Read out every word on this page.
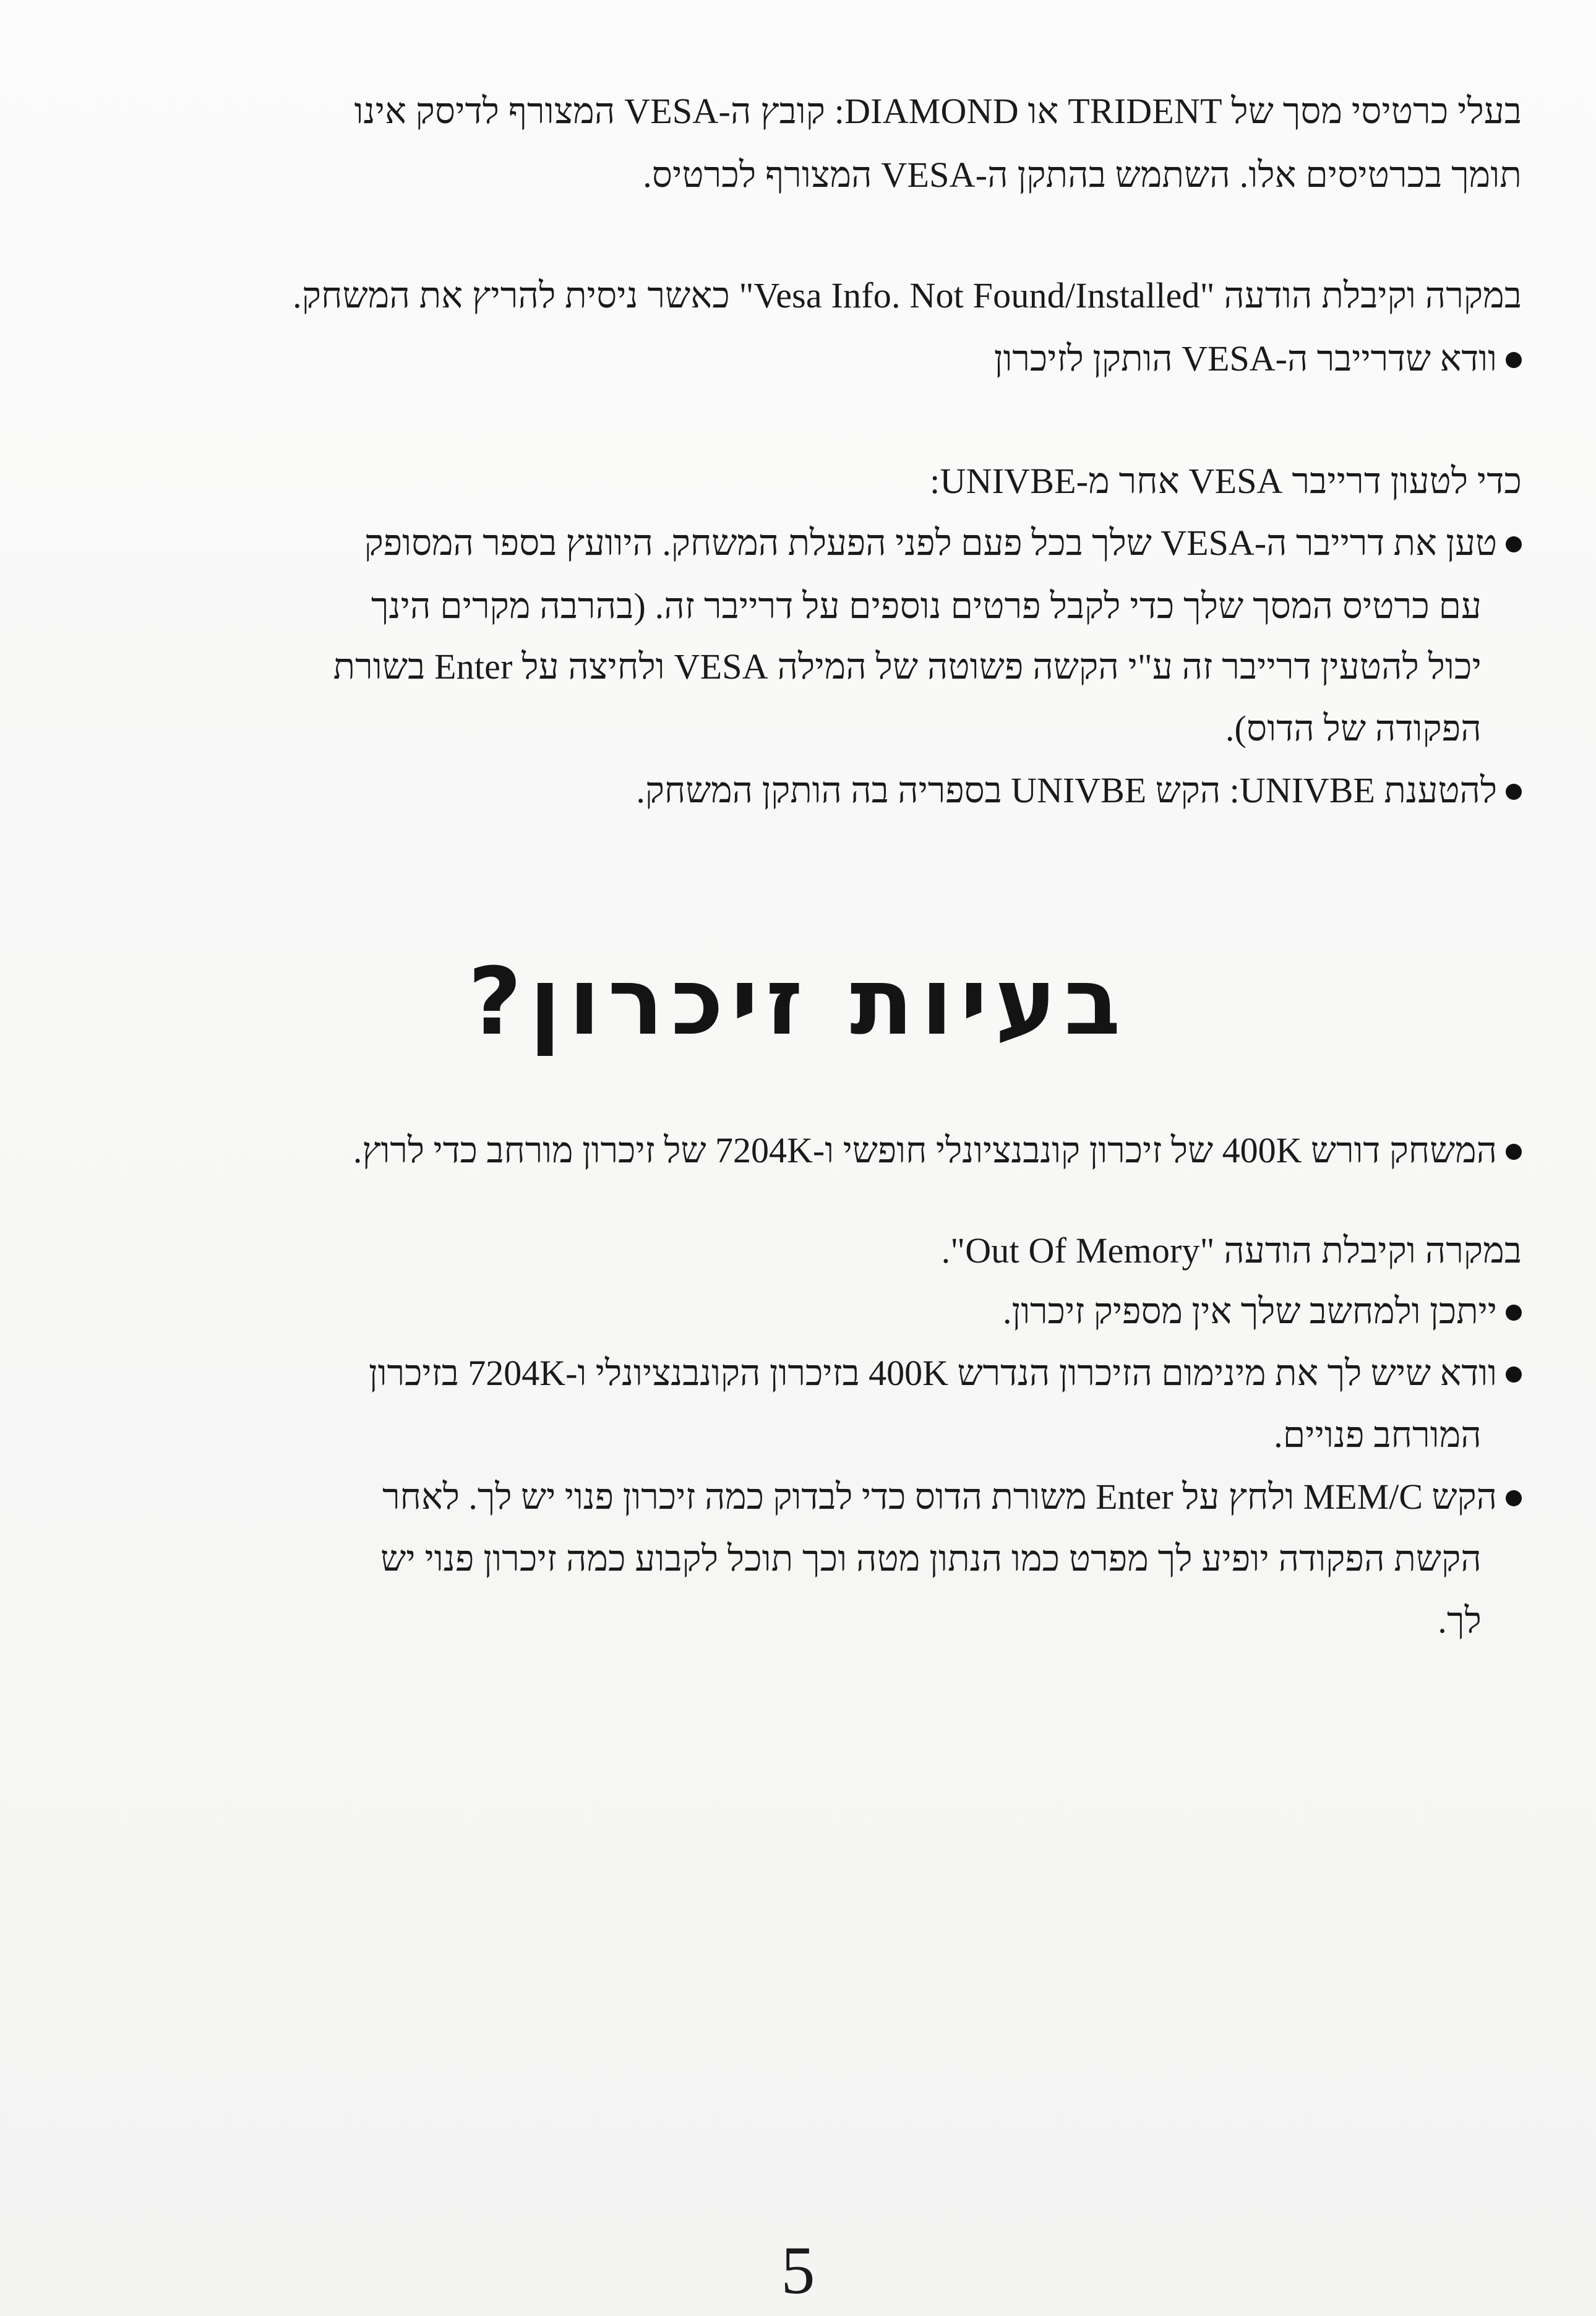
בעלי כרטיסי מסך של TRIDENT או DIAMOND: קובץ ה-VESA המצורף לדיסק אינו
תומך בכרטיסים אלו. השתמש בהתקן ה-VESA המצורף לכרטיס.
במקרה וקיבלת הודעה "Vesa Info. Not Found/Installed" כאשר ניסית להריץ את המשחק.
וודא שדרייבר ה-VESA הותקן לזיכרון
כדי לטעון דרייבר VESA אחר מ-UNIVBE:
טען את דרייבר ה-VESA שלך בכל פעם לפני הפעלת המשחק. היוועץ בספר המסופק
עם כרטיס המסך שלך כדי לקבל פרטים נוספים על דרייבר זה. (בהרבה מקרים הינך
יכול להטעין דרייבר זה ע"י הקשה פשוטה של המילה VESA ולחיצה על Enter בשורת
הפקודה של הדוס).
להטענת UNIVBE: הקש UNIVBE בספריה בה הותקן המשחק.
בעיות זיכרון?
המשחק דורש 400K של זיכרון קונבנציונלי חופשי ו-7204K של זיכרון מורחב כדי לרוץ.
במקרה וקיבלת הודעה "Out Of Memory".
ייתכן ולמחשב שלך אין מספיק זיכרון.
וודא שיש לך את מינימום הזיכרון הנדרש 400K בזיכרון הקונבנציונלי ו-7204K בזיכרון
המורחב פנויים.
הקש MEM/C ולחץ על Enter משורת הדוס כדי לבדוק כמה זיכרון פנוי יש לך. לאחר
הקשת הפקודה יופיע לך מפרט כמו הנתון מטה וכך תוכל לקבוע כמה זיכרון פנוי יש
לך.
5
